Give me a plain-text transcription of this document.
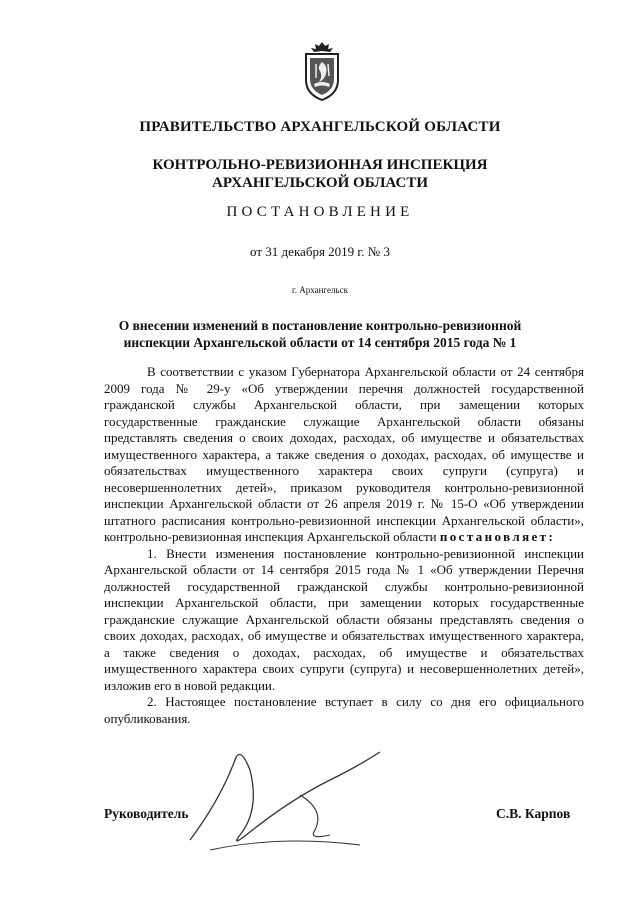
ПРАВИТЕЛЬСТВО АРХАНГЕЛЬСКОЙ ОБЛАСТИ
КОНТРОЛЬНО-РЕВИЗИОННАЯ ИНСПЕКЦИЯ
АРХАНГЕЛЬСКОЙ ОБЛАСТИ
ПОСТАНОВЛЕНИЕ
от 31 декабря 2019 г. № 3
г. Архангельск
О внесении изменений в постановление контрольно-ревизионной
инспекции Архангельской области от 14 сентября 2015 года № 1

В соответствии с указом Губернатора Архангельской области от 24 сентября 2009 года № 29-у «Об утверждении перечня должностей государственной гражданской службы Архангельской области, при замещении которых государственные гражданские служащие Архангельской области обязаны представлять сведения о своих доходах, расходах, об имуществе и обязательствах имущественного характера, а также сведения о доходах, расходах, об имуществе и обязательствах имущественного характера своих супруги (супруга) и несовершеннолетних детей», приказом руководителя контрольно-ревизионной инспекции Архангельской области от 26 апреля 2019 г. № 15-О «Об утверждении штатного расписания контрольно-ревизионной инспекции Архангельской области», контрольно-ревизионная инспекция Архангельской области постановляет:

1. Внести изменения постановление контрольно-ревизионной инспекции Архангельской области от 14 сентября 2015 года № 1 «Об утверждении Перечня должностей государственной гражданской службы контрольно-ревизионной инспекции Архангельской области, при замещении которых государственные гражданские служащие Архангельской области обязаны представлять сведения о своих доходах, расходах, об имуществе и обязательствах имущественного характера, а также сведения о доходах, расходах, об имуществе и обязательствах имущественного характера своих супруги (супруга) и несовершеннолетних детей», изложив его в новой редакции.

2. Настоящее постановление вступает в силу со дня его официального опубликования.

Руководитель	С.В. Карпов
